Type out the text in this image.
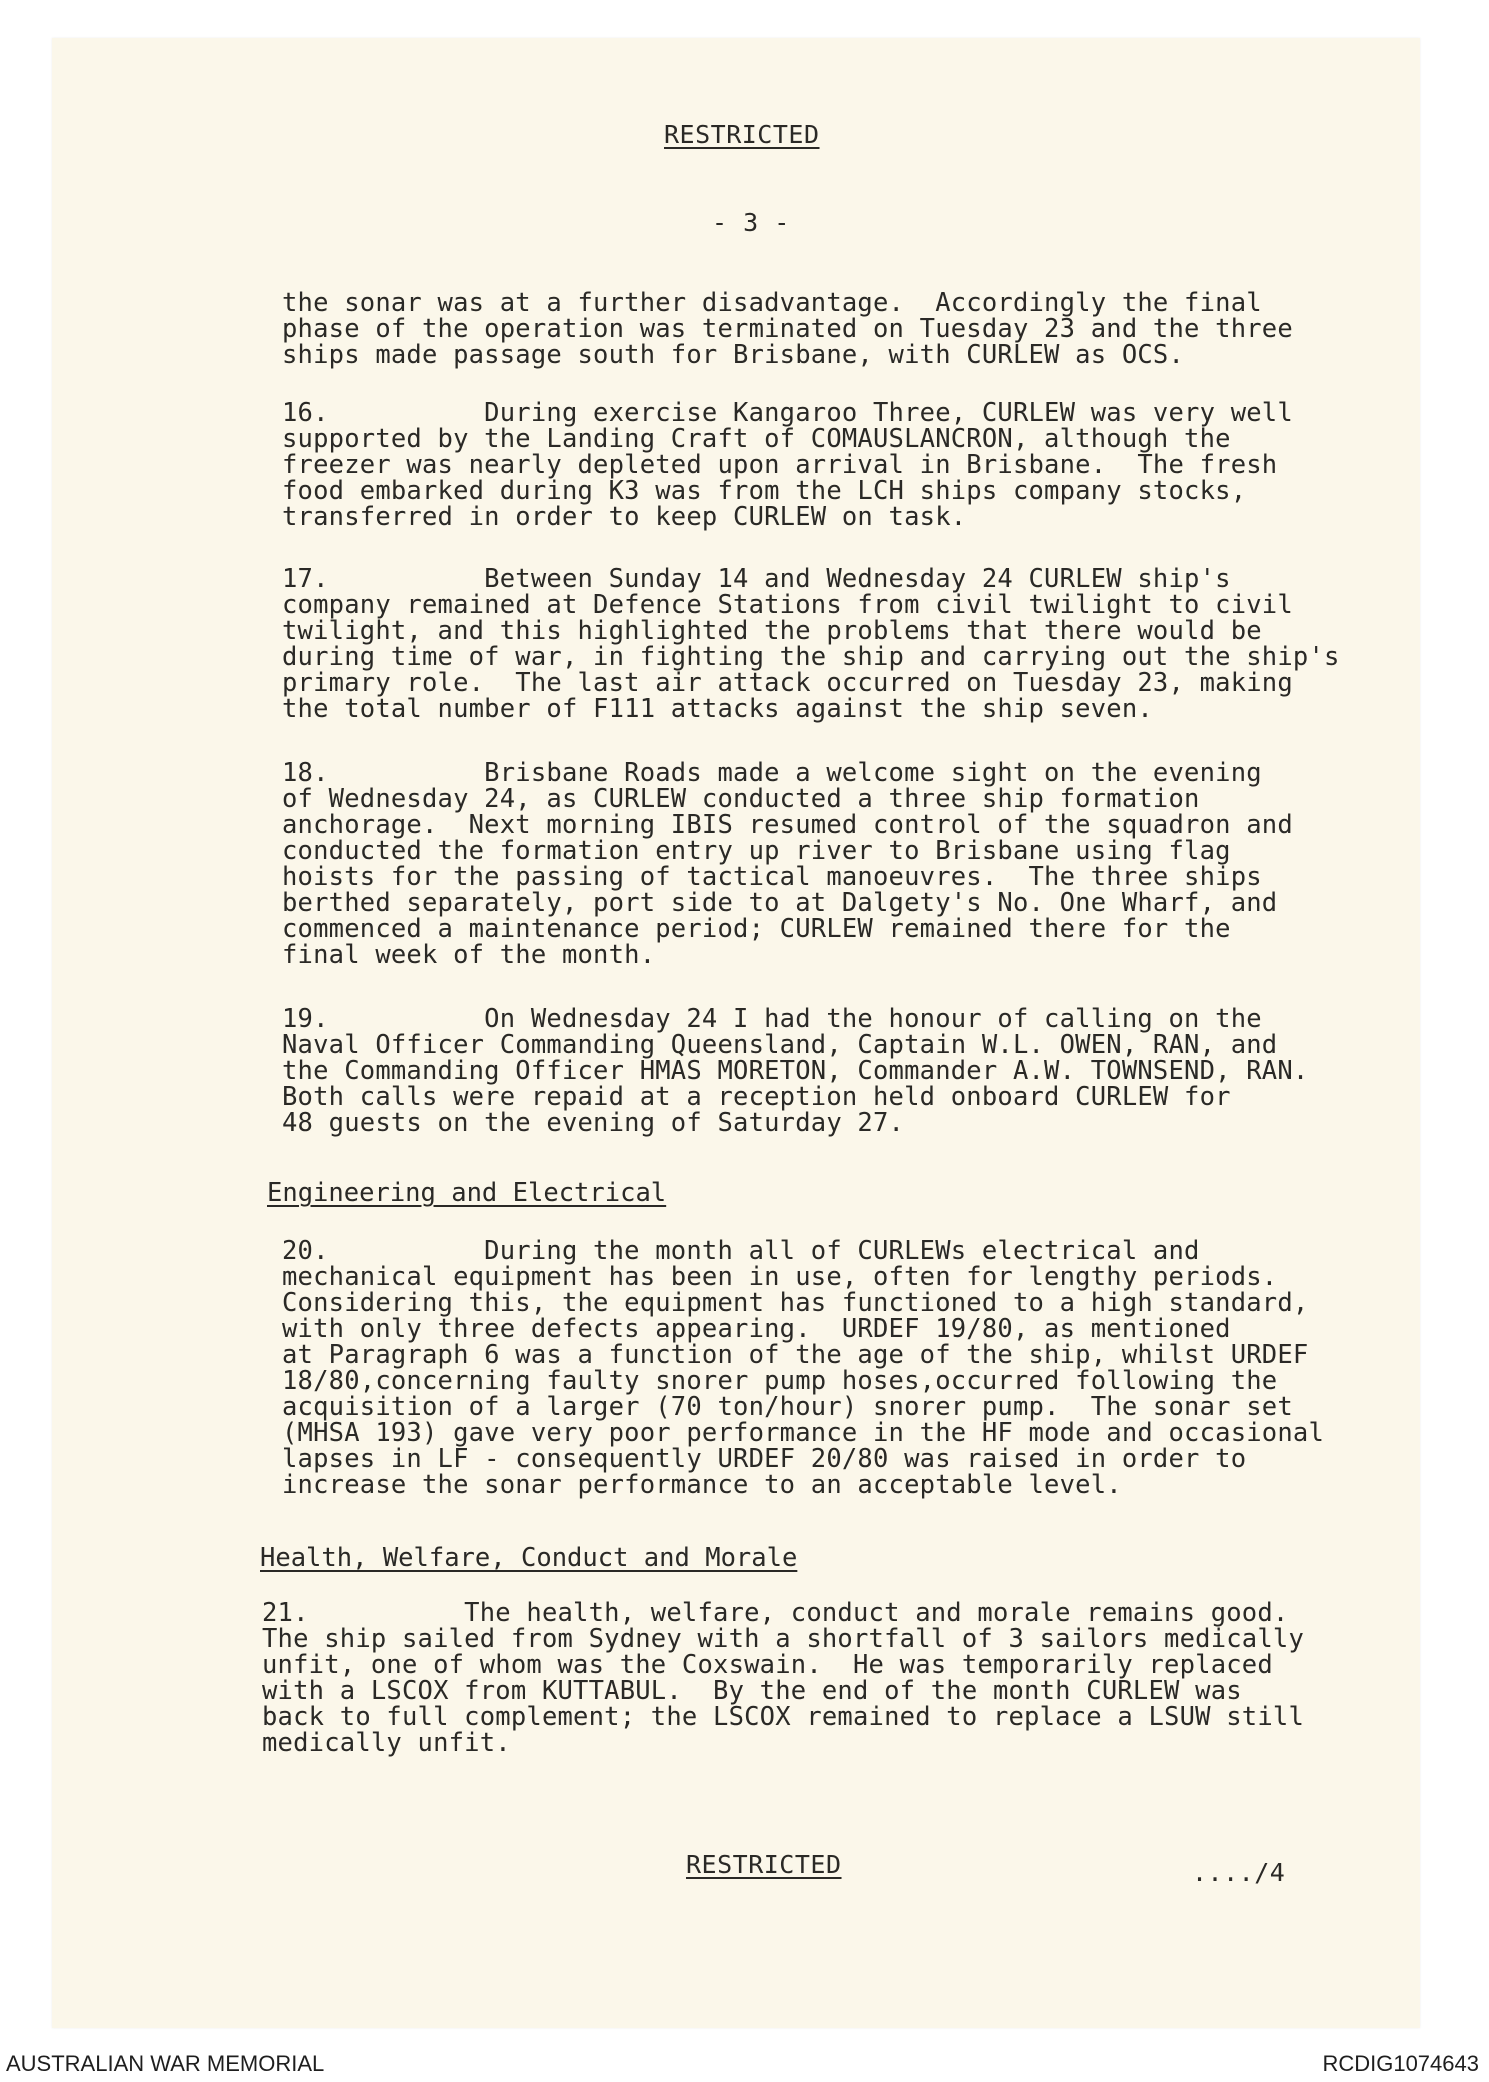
RESTRICTED
- 3 -

the sonar was at a further disadvantage.  Accordingly the final

phase of the operation was terminated on Tuesday 23 and the three

ships made passage south for Brisbane, with CURLEW as OCS.

16.          During exercise Kangaroo Three, CURLEW was very well

supported by the Landing Craft of COMAUSLANCRON, although the

freezer was nearly depleted upon arrival in Brisbane.  The fresh

food embarked during K3 was from the LCH ships company stocks,

transferred in order to keep CURLEW on task.

17.          Between Sunday 14 and Wednesday 24 CURLEW ship's

company remained at Defence Stations from civil twilight to civil

twilight, and this highlighted the problems that there would be

during time of war, in fighting the ship and carrying out the ship's

primary role.  The last air attack occurred on Tuesday 23, making

the total number of F111 attacks against the ship seven.

18.          Brisbane Roads made a welcome sight on the evening

of Wednesday 24, as CURLEW conducted a three ship formation

anchorage.  Next morning IBIS resumed control of the squadron and

conducted the formation entry up river to Brisbane using flag

hoists for the passing of tactical manoeuvres.  The three ships

berthed separately, port side to at Dalgety's No. One Wharf, and

commenced a maintenance period; CURLEW remained there for the

final week of the month.

19.          On Wednesday 24 I had the honour of calling on the

Naval Officer Commanding Queensland, Captain W.L. OWEN, RAN, and

the Commanding Officer HMAS MORETON, Commander A.W. TOWNSEND, RAN.

Both calls were repaid at a reception held onboard CURLEW for

48 guests on the evening of Saturday 27.

Engineering and Electrical

20.          During the month all of CURLEWs electrical and

mechanical equipment has been in use, often for lengthy periods.

Considering this, the equipment has functioned to a high standard,

with only three defects appearing.  URDEF 19/80, as mentioned

at Paragraph 6 was a function of the age of the ship, whilst URDEF

18/80,concerning faulty snorer pump hoses,occurred following the

acquisition of a larger (70 ton/hour) snorer pump.  The sonar set

(MHSA 193) gave very poor performance in the HF mode and occasional

lapses in LF - consequently URDEF 20/80 was raised in order to

increase the sonar performance to an acceptable level.

Health, Welfare, Conduct and Morale

21.          The health, welfare, conduct and morale remains good.

The ship sailed from Sydney with a shortfall of 3 sailors medically

unfit, one of whom was the Coxswain.  He was temporarily replaced

with a LSCOX from KUTTABUL.  By the end of the month CURLEW was

back to full complement; the LSCOX remained to replace a LSUW still

medically unfit.

RESTRICTED	..../4
AUSTRALIAN WAR MEMORIAL	RCDIG1074643
